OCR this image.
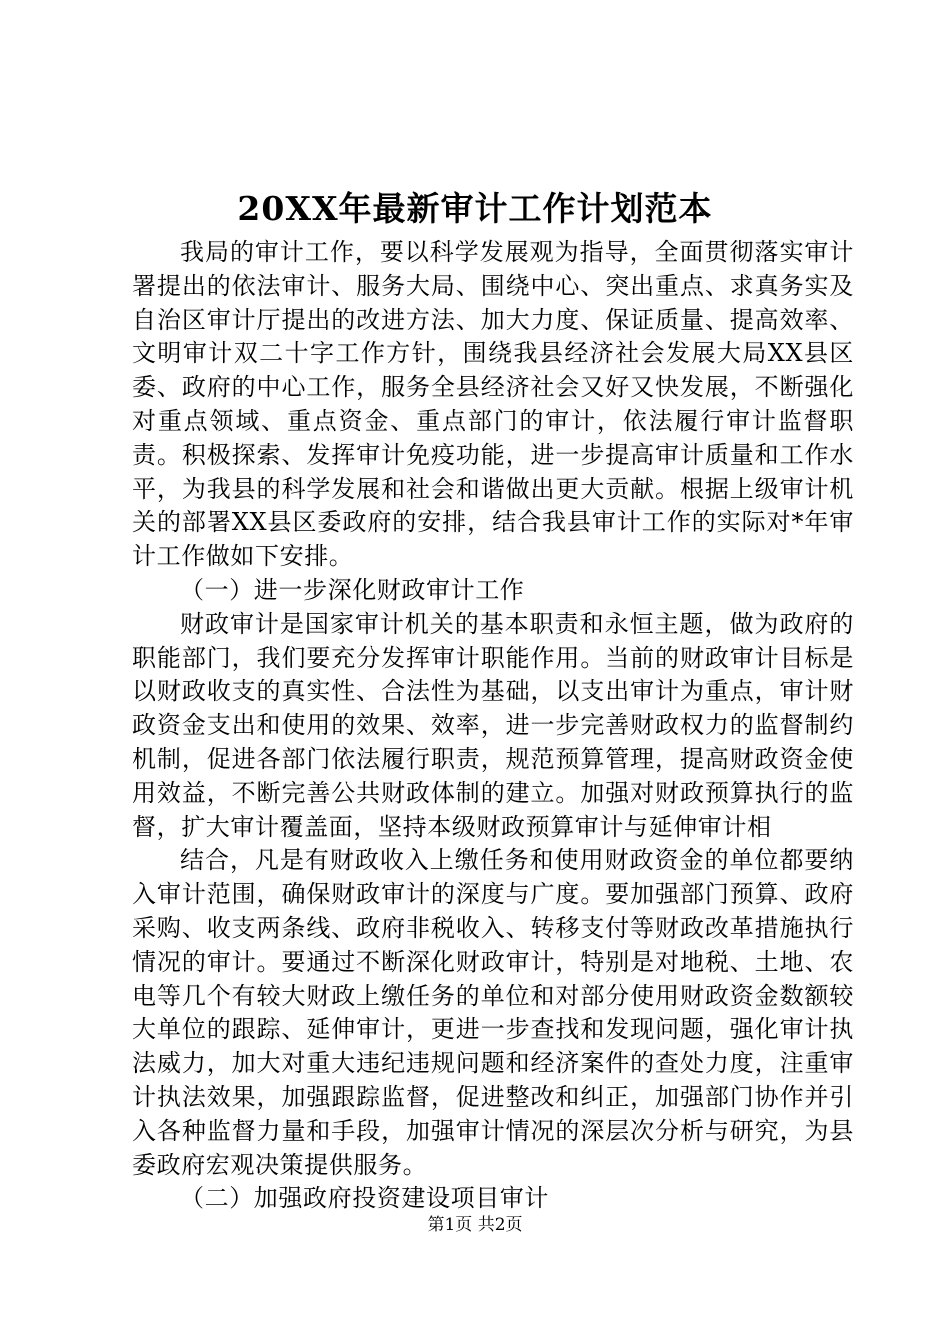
20XX年最新审计工作计划范本

我局的审计工作，要以科学发展观为指导，全面贯彻落实审计署提出的依法审计、服务大局、围绕中心、突出重点、求真务实及自治区审计厅提出的改进方法、加大力度、保证质量、提高效率、文明审计双二十字工作方针，围绕我县经济社会发展大局XX县区委、政府的中心工作，服务全县经济社会又好又快发展，不断强化对重点领域、重点资金、重点部门的审计，依法履行审计监督职责。积极探索、发挥审计免疫功能，进一步提高审计质量和工作水平，为我县的科学发展和社会和谐做出更大贡献。根据上级审计机关的部署XX县区委政府的安排，结合我县审计工作的实际对*年审计工作做如下安排。

（一）进一步深化财政审计工作

财政审计是国家审计机关的基本职责和永恒主题，做为政府的职能部门，我们要充分发挥审计职能作用。当前的财政审计目标是以财政收支的真实性、合法性为基础，以支出审计为重点，审计财政资金支出和使用的效果、效率，进一步完善财政权力的监督制约机制，促进各部门依法履行职责，规范预算管理，提高财政资金使用效益，不断完善公共财政体制的建立。加强对财政预算执行的监督，扩大审计覆盖面，坚持本级财政预算审计与延伸审计相

结合，凡是有财政收入上缴任务和使用财政资金的单位都要纳入审计范围，确保财政审计的深度与广度。要加强部门预算、政府采购、收支两条线、政府非税收入、转移支付等财政改革措施执行情况的审计。要通过不断深化财政审计，特别是对地税、土地、农电等几个有较大财政上缴任务的单位和对部分使用财政资金数额较大单位的跟踪、延伸审计，更进一步查找和发现问题，强化审计执法威力，加大对重大违纪违规问题和经济案件的查处力度，注重审计执法效果，加强跟踪监督，促进整改和纠正，加强部门协作并引入各种监督力量和手段，加强审计情况的深层次分析与研究，为县委政府宏观决策提供服务。

（二）加强政府投资建设项目审计

第1页 共2页
